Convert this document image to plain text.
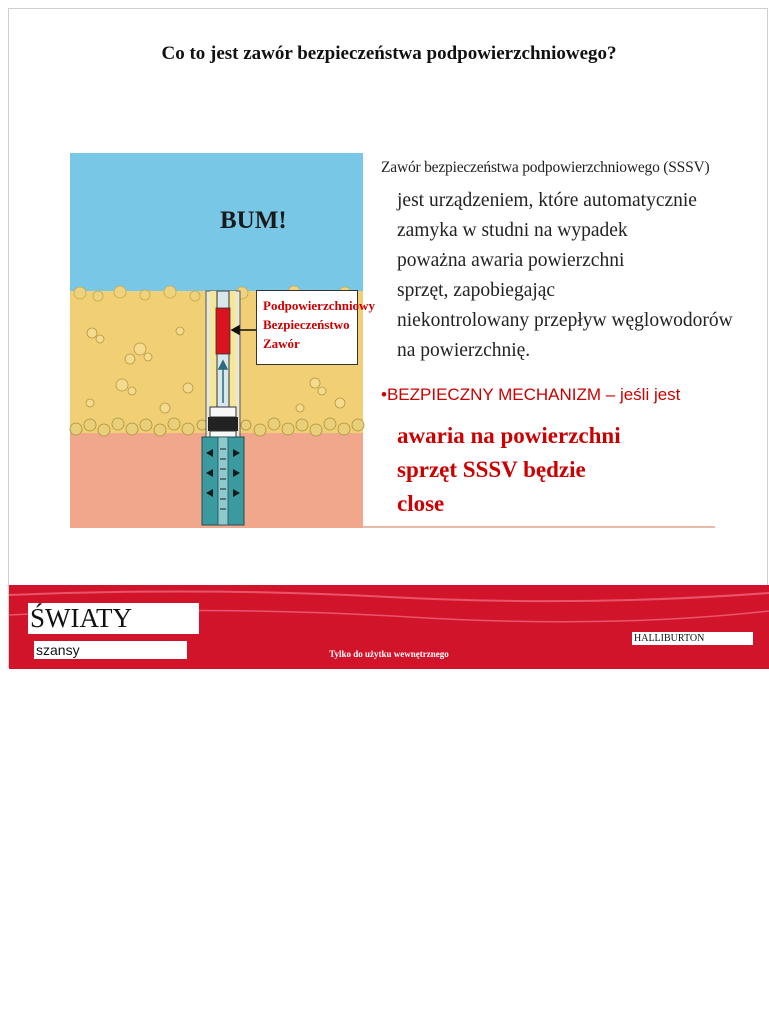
Co to jest zawór bezpieczeństwa podpowierzchniowego?
BUM!
Podpowierzchniowy
Bezpieczeństwo
Zawór
Zawór bezpieczeństwa podpowierzchniowego (SSSV)
jest urządzeniem, które automatycznie
zamyka w studni na wypadek
poważna awaria powierzchni
sprzęt, zapobiegając
niekontrolowany przepływ węglowodorów
na powierzchnię.
•BEZPIECZNY MECHANIZM – jeśli jest
awaria na powierzchni
sprzęt SSSV będzie
close
ŚWIATY
szansy	Tylko do użytku wewnętrznego
HALLIBURTON
